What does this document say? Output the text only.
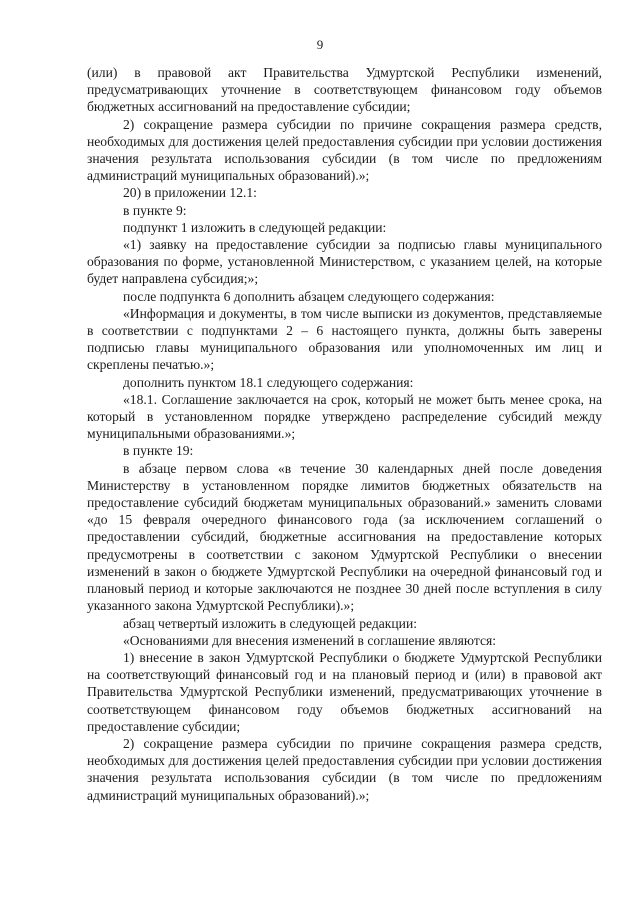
9

(или) в правовой акт Правительства Удмуртской Республики изменений, предусматривающих уточнение в соответствующем финансовом году объемов бюджетных ассигнований на предоставление субсидии;

2) сокращение размера субсидии по причине сокращения размера средств, необходимых для достижения целей предоставления субсидии при условии достижения значения результата использования субсидии (в том числе по предложениям администраций муниципальных образований).»;

20) в приложении 12.1:

в пункте 9:

подпункт 1 изложить в следующей редакции:

«1) заявку на предоставление субсидии за подписью главы муниципального образования по форме, установленной Министерством, с указанием целей, на которые будет направлена субсидия;»;

после подпункта 6 дополнить абзацем следующего содержания:

«Информация и документы, в том числе выписки из документов, представляемые в соответствии с подпунктами 2 – 6 настоящего пункта, должны быть заверены подписью главы муниципального образования или уполномоченных им лиц и скреплены печатью.»;

дополнить пунктом 18.1 следующего содержания:

«18.1. Соглашение заключается на срок, который не может быть менее срока, на который в установленном порядке утверждено распределение субсидий между муниципальными образованиями.»;

в пункте 19:

в абзаце первом слова «в течение 30 календарных дней после доведения Министерству в установленном порядке лимитов бюджетных обязательств на предоставление субсидий бюджетам муниципальных образований.» заменить словами «до 15 февраля очередного финансового года (за исключением соглашений о предоставлении субсидий, бюджетные ассигнования на предоставление которых предусмотрены в соответствии с законом Удмуртской Республики о внесении изменений в закон о бюджете Удмуртской Республики на очередной финансовый год и плановый период и которые заключаются не позднее 30 дней после вступления в силу указанного закона Удмуртской Республики).»;

абзац четвертый изложить в следующей редакции:

«Основаниями для внесения изменений в соглашение являются:

1) внесение в закон Удмуртской Республики о бюджете Удмуртской Республики на соответствующий финансовый год и на плановый период и (или) в правовой акт Правительства Удмуртской Республики изменений, предусматривающих уточнение в соответствующем финансовом году объемов бюджетных ассигнований на предоставление субсидии;

2) сокращение размера субсидии по причине сокращения размера средств, необходимых для достижения целей предоставления субсидии при условии достижения значения результата использования субсидии (в том числе по предложениям администраций муниципальных образований).»;
